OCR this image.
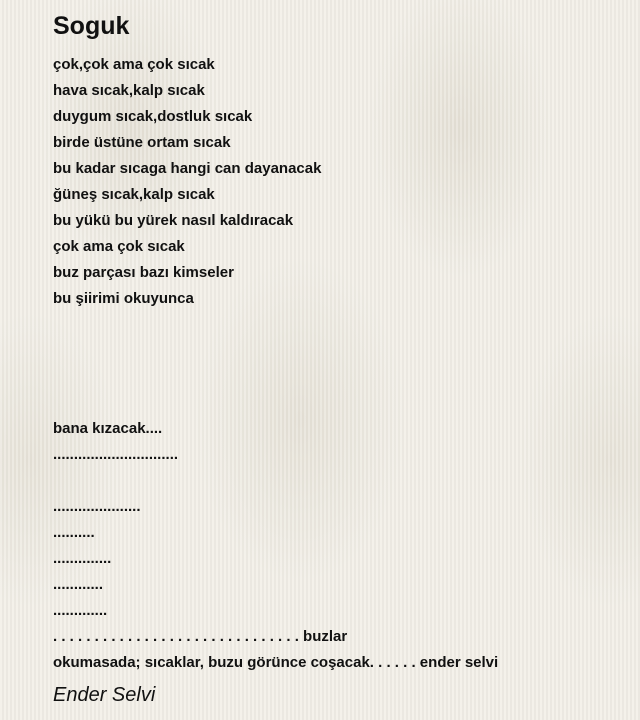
Soguk
çok,çok ama çok sıcak
hava sıcak,kalp sıcak
duygum sıcak,dostluk sıcak
birde üstüne ortam sıcak
bu kadar sıcaga hangi can dayanacak
ğüneş sıcak,kalp sıcak
bu yükü bu yürek nasıl kaldıracak
çok ama çok sıcak
buz parçası bazı kimseler
bu şiirimi okuyunca
bana kızacak....
..............................
.....................
..........
..............
............
.............
. . . . . . . . . . . . . . . . . . . . . . . . . . . . . . buzlar
okumasada; sıcaklar, buzu görünce coşacak. . . . . . ender selvi
Ender Selvi
